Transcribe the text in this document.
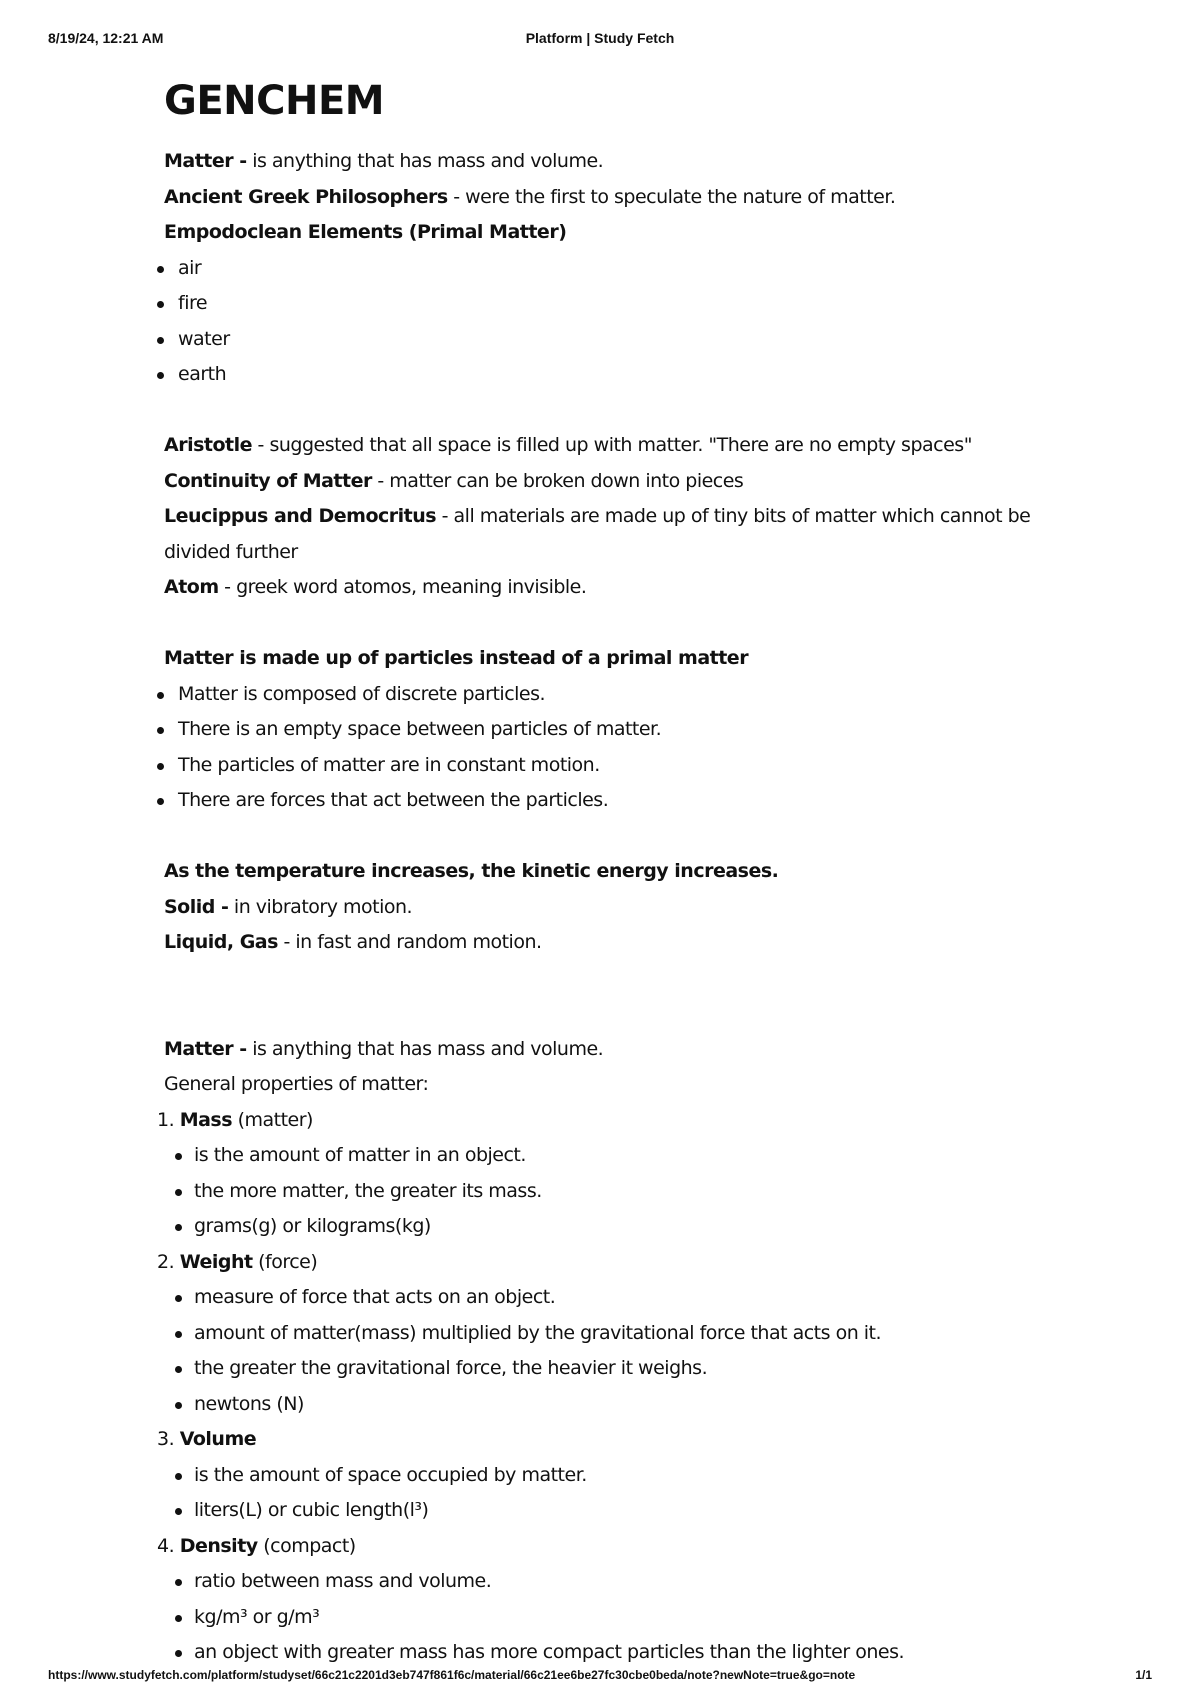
8/19/24, 12:21 AM	Platform | Study Fetch
GENCHEM

Matter - is anything that has mass and volume.

Ancient Greek Philosophers - were the first to speculate the nature of matter.

Empodoclean Elements (Primal Matter)

air
fire
water
earth

Aristotle - suggested that all space is filled up with matter. "There are no empty spaces"

Continuity of Matter - matter can be broken down into pieces

Leucippus and Democritus - all materials are made up of tiny bits of matter which cannot be divided further

Atom - greek word atomos, meaning invisible.

Matter is made up of particles instead of a primal matter

Matter is composed of discrete particles.
There is an empty space between particles of matter.
The particles of matter are in constant motion.
There are forces that act between the particles.

As the temperature increases, the kinetic energy increases.

Solid - in vibratory motion.

Liquid, Gas - in fast and random motion.

Matter - is anything that has mass and volume.

General properties of matter:

1. Mass (matter)
is the amount of matter in an object.
the more matter, the greater its mass.
grams(g) or kilograms(kg)
2. Weight (force)
measure of force that acts on an object.
amount of matter(mass) multiplied by the gravitational force that acts on it.
the greater the gravitational force, the heavier it weighs.
newtons (N)
3. Volume
is the amount of space occupied by matter.
liters(L) or cubic length(l³)
4. Density (compact)
ratio between mass and volume.
kg/m³ or g/m³
an object with greater mass has more compact particles than the lighter ones.
https://www.studyfetch.com/platform/studyset/66c21c2201d3eb747f861f6c/material/66c21ee6be27fc30cbe0beda/note?newNote=true&go=note	1/1
